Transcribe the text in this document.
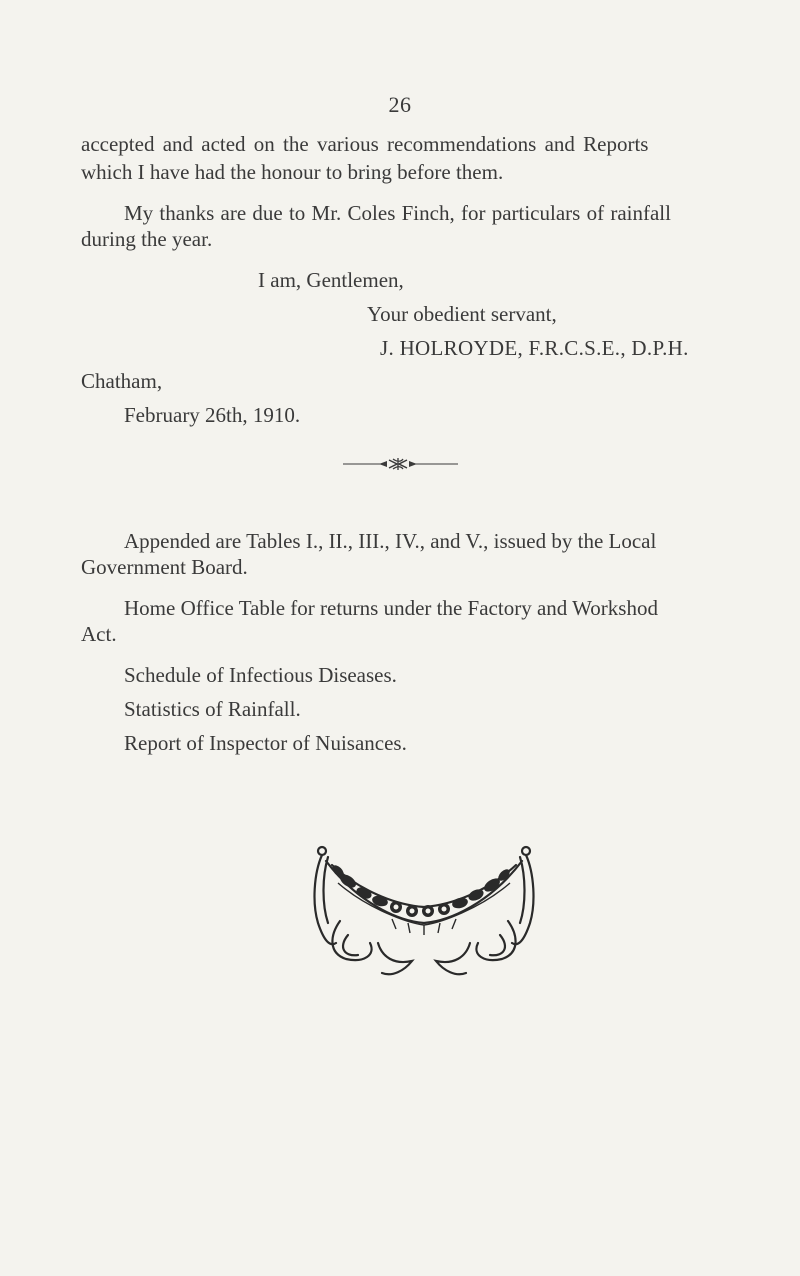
26
accepted and acted on the various recommendations and Reports
which I have had the honour to bring before them.
My thanks are due to Mr. Coles Finch, for particulars of rainfall
during the year.
I am, Gentlemen,
Your obedient servant,
J. HOLROYDE, F.R.C.S.E., D.P.H.
Chatham,
February 26th, 1910.
Appended are Tables I., II., III., IV., and V., issued by the Local
Government Board.
Home Office Table for returns under the Factory and Workshod
Act.
Schedule of Infectious Diseases.
Statistics of Rainfall.
Report of Inspector of Nuisances.
